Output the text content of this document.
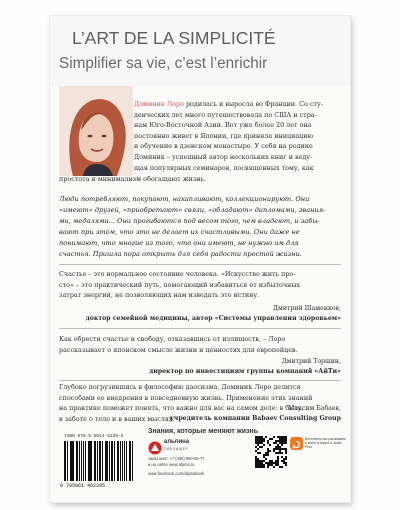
L’ART DE LA SIMPLICITÉ
Simplifier sa vie, c’est l’enrichir
Доминик Лоро родилась и выросла во Франции. Со сту-
денческих лет много путешествовала по США и стра-
нам Юго-Восточной Азии. Вот уже более 20 лет она
постоянно живет в Японии, где приняла инициацию
и обучение в дзенском монастыре. У себя на родине
Доминик – успешный автор нескольких книг и веду-
щая популярных семинаров, посвященных тому, как
простота и минимализм обогащают жизнь.
Люди потребляют, покупают, накапливают, коллекционируют. Они
«имеют» друзей, «приобретают» связи, «обладают» дипломами, звания-
ми, медалями... Они прогибаются под весом того, чем владеют, и забы-
вают при этом, что это не делает их счастливыми. Они даже не
понимают, что многие из того, что они имеют, не нужно им для
счастья. Пришла пора открыть для себя радости простой жизни.
Счастье – это нормальное состояние человека. «Искусство жить про-
сто» – это практический путь, помогающий избавиться от избыточных
затрат энергии, не позволяющих нам изведать это истину.
Дмитрий Шаменков,
доктор семейной медицины, автор «Системы управления здоровьем»
Как обрести счастье и свободу, отказавшись от излишеств, – Лоро
рассказывает о японском смысле жизни и ценностях для европейцев.
Дмитрий Торшин,
директор по инвестициям группы компаний «АйТи»
Глубоко погрузившись в философию даосизма, Доминик Лоро делится
способами ее внедрения в повседневную жизнь. Применение этих знаний
на практике поможет понять, что важно для вас на самом деле: в быту,
в заботе о теле и в ваших мыслях.
Максим Бабаев,
учредитель компании Babaev Consulting Group
ISBN 978-5-9614-6239-5
9 785961 462395
Знания, которые меняют жизнь
альпина
ПАБЛИШЕР
заказ книг: +7 (495) 980-80-77
и на сайте www.alpina.ru
www.facebook.com/alpinabook
Бесплатно мы расскажем о книге в Alpina & Audio Post
